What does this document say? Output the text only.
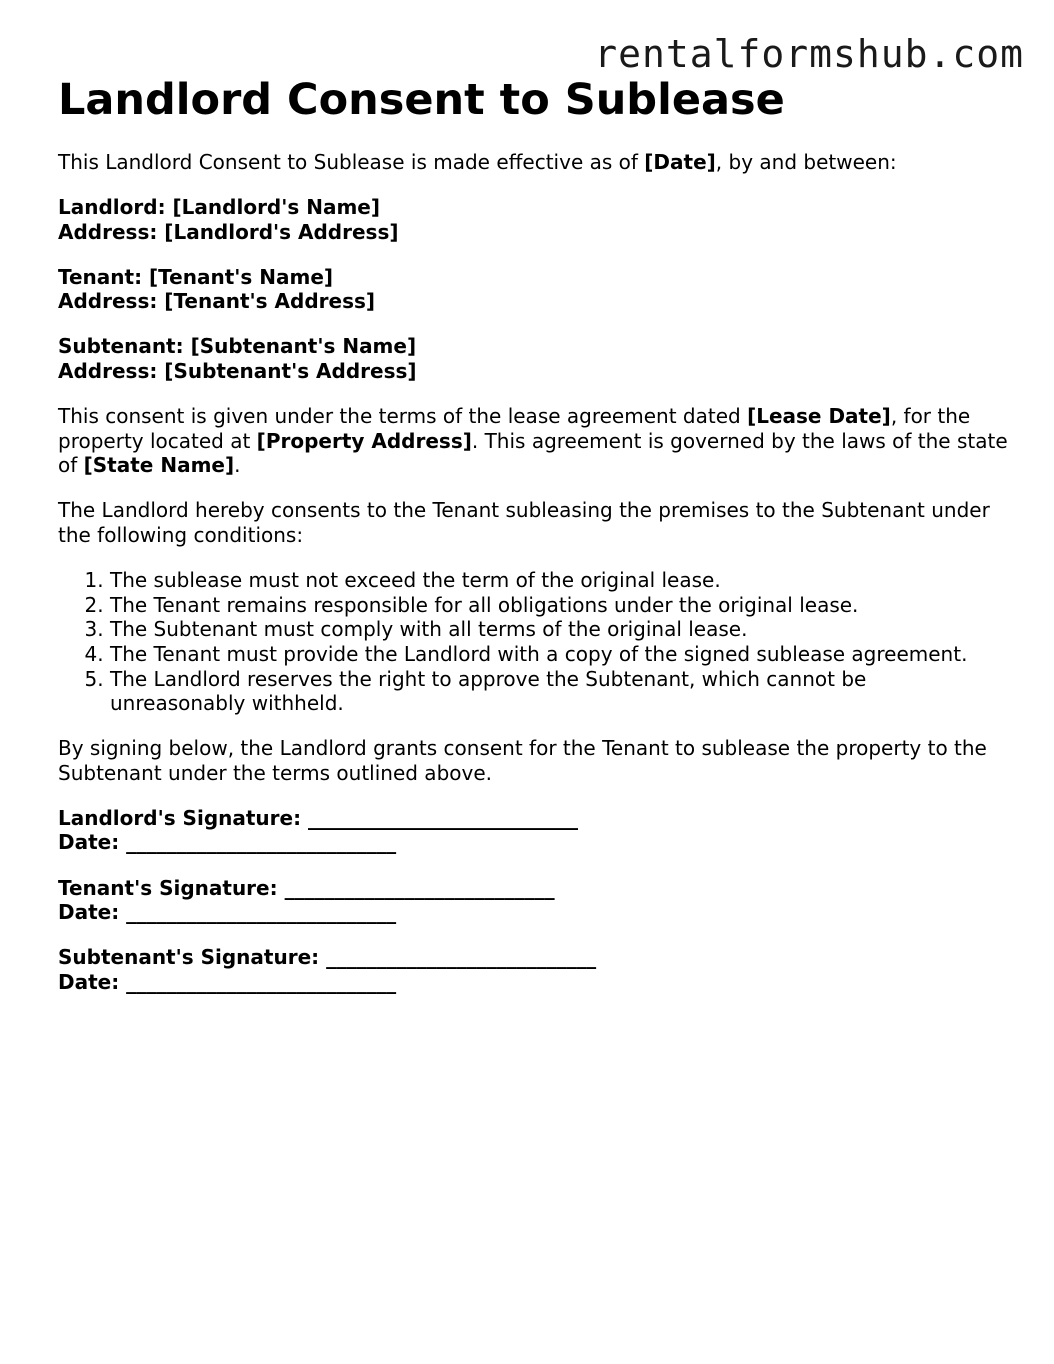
rentalformshub.com
Landlord Consent to Sublease

This Landlord Consent to Sublease is made effective as of [Date], by and between:

Landlord: [Landlord's Name]
Address: [Landlord's Address]

Tenant: [Tenant's Name]
Address: [Tenant's Address]

Subtenant: [Subtenant's Name]
Address: [Subtenant's Address]

This consent is given under the terms of the lease agreement dated [Lease Date], for the property located at [Property Address]. This agreement is governed by the laws of the state of [State Name].

The Landlord hereby consents to the Tenant subleasing the premises to the Subtenant under the following conditions:

1. The sublease must not exceed the term of the original lease.
2. The Tenant remains responsible for all obligations under the original lease.
3. The Subtenant must comply with all terms of the original lease.
4. The Tenant must provide the Landlord with a copy of the signed sublease agreement.
5. The Landlord reserves the right to approve the Subtenant, which cannot be unreasonably withheld.

By signing below, the Landlord grants consent for the Tenant to sublease the property to the Subtenant under the terms outlined above.

Landlord's Signature: ___________________________
Date: ___________________________

Tenant's Signature: ___________________________
Date: ___________________________

Subtenant's Signature: ___________________________
Date: ___________________________
